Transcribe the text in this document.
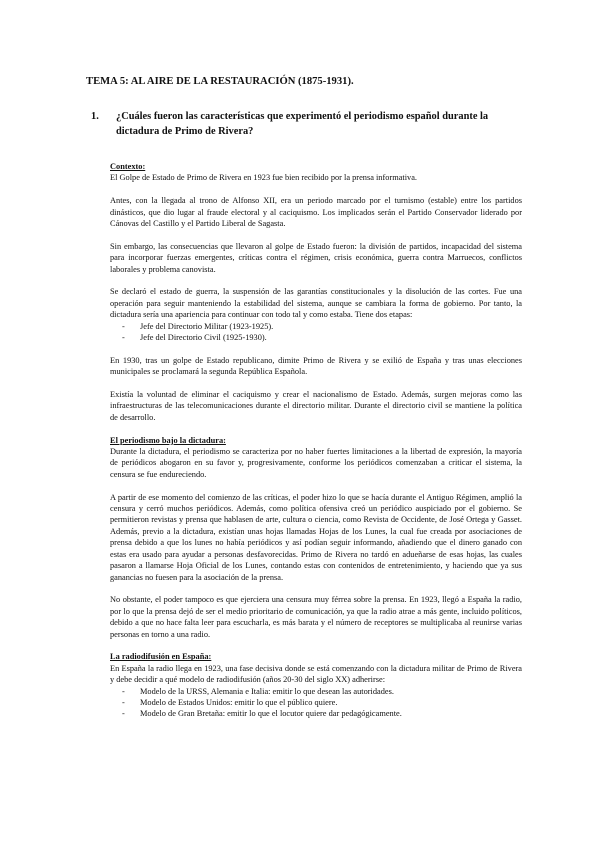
TEMA 5: AL AIRE DE LA RESTAURACIÓN (1875-1931).
1.	¿Cuáles fueron las características que experimentó el periodismo español durante la dictadura de Primo de Rivera?
Contexto:

El Golpe de Estado de Primo de Rivera en 1923 fue bien recibido por la prensa informativa.

Antes, con la llegada al trono de Alfonso XII, era un periodo marcado por el turnismo (estable) entre los partidos dinásticos, que dio lugar al fraude electoral y al caciquismo. Los implicados serán el Partido Conservador liderado por Cánovas del Castillo y el Partido Liberal de Sagasta.

Sin embargo, las consecuencias que llevaron al golpe de Estado fueron: la división de partidos, incapacidad del sistema para incorporar fuerzas emergentes, críticas contra el régimen, crisis económica, guerra contra Marruecos, conflictos laborales y problema canovista.

Se declaró el estado de guerra, la suspensión de las garantías constitucionales y la disolución de las cortes. Fue una operación para seguir manteniendo la estabilidad del sistema, aunque se cambiara la forma de gobierno. Por tanto, la dictadura sería una apariencia para continuar con todo tal y como estaba. Tiene dos etapas:

- Jefe del Directorio Militar (1923-1925).
- Jefe del Directorio Civil (1925-1930).

En 1930, tras un golpe de Estado republicano, dimite Primo de Rivera y se exilió de España y tras unas elecciones municipales se proclamará la segunda República Española.

Existía la voluntad de eliminar el caciquismo y crear el nacionalismo de Estado. Además, surgen mejoras como las infraestructuras de las telecomunicaciones durante el directorio militar. Durante el directorio civil se mantiene la política de desarrollo.

El periodismo bajo la dictadura:

Durante la dictadura, el periodismo se caracteriza por no haber fuertes limitaciones a la libertad de expresión, la mayoría de periódicos abogaron en su favor y, progresivamente, conforme los periódicos comenzaban a criticar el sistema, la censura se fue endureciendo.

A partir de ese momento del comienzo de las críticas, el poder hizo lo que se hacía durante el Antiguo Régimen, amplió la censura y cerró muchos periódicos. Además, como política ofensiva creó un periódico auspiciado por el gobierno. Se permitieron revistas y prensa que hablasen de arte, cultura o ciencia, como Revista de Occidente, de José Ortega y Gasset. Además, previo a la dictadura, existían unas hojas llamadas Hojas de los Lunes, la cual fue creada por asociaciones de prensa debido a que los lunes no había periódicos y así podían seguir informando, añadiendo que el dinero ganado con estas era usado para ayudar a personas desfavorecidas. Primo de Rivera no tardó en adueñarse de esas hojas, las cuales pasaron a llamarse Hoja Oficial de los Lunes, contando estas con contenidos de entretenimiento, y haciendo que ya sus ganancias no fuesen para la asociación de la prensa.

No obstante, el poder tampoco es que ejerciera una censura muy férrea sobre la prensa. En 1923, llegó a España la radio, por lo que la prensa dejó de ser el medio prioritario de comunicación, ya que la radio atrae a más gente, incluido políticos, debido a que no hace falta leer para escucharla, es más barata y el número de receptores se multiplicaba al reunirse varias personas en torno a una radio.

La radiodifusión en España:

En España la radio llega en 1923, una fase decisiva donde se está comenzando con la dictadura militar de Primo de Rivera y debe decidir a qué modelo de radiodifusión (años 20-30 del siglo XX) adherirse:

- Modelo de la URSS, Alemania e Italia: emitir lo que desean las autoridades.
- Modelo de Estados Unidos: emitir lo que el público quiere.
- Modelo de Gran Bretaña: emitir lo que el locutor quiere dar pedagógicamente.
